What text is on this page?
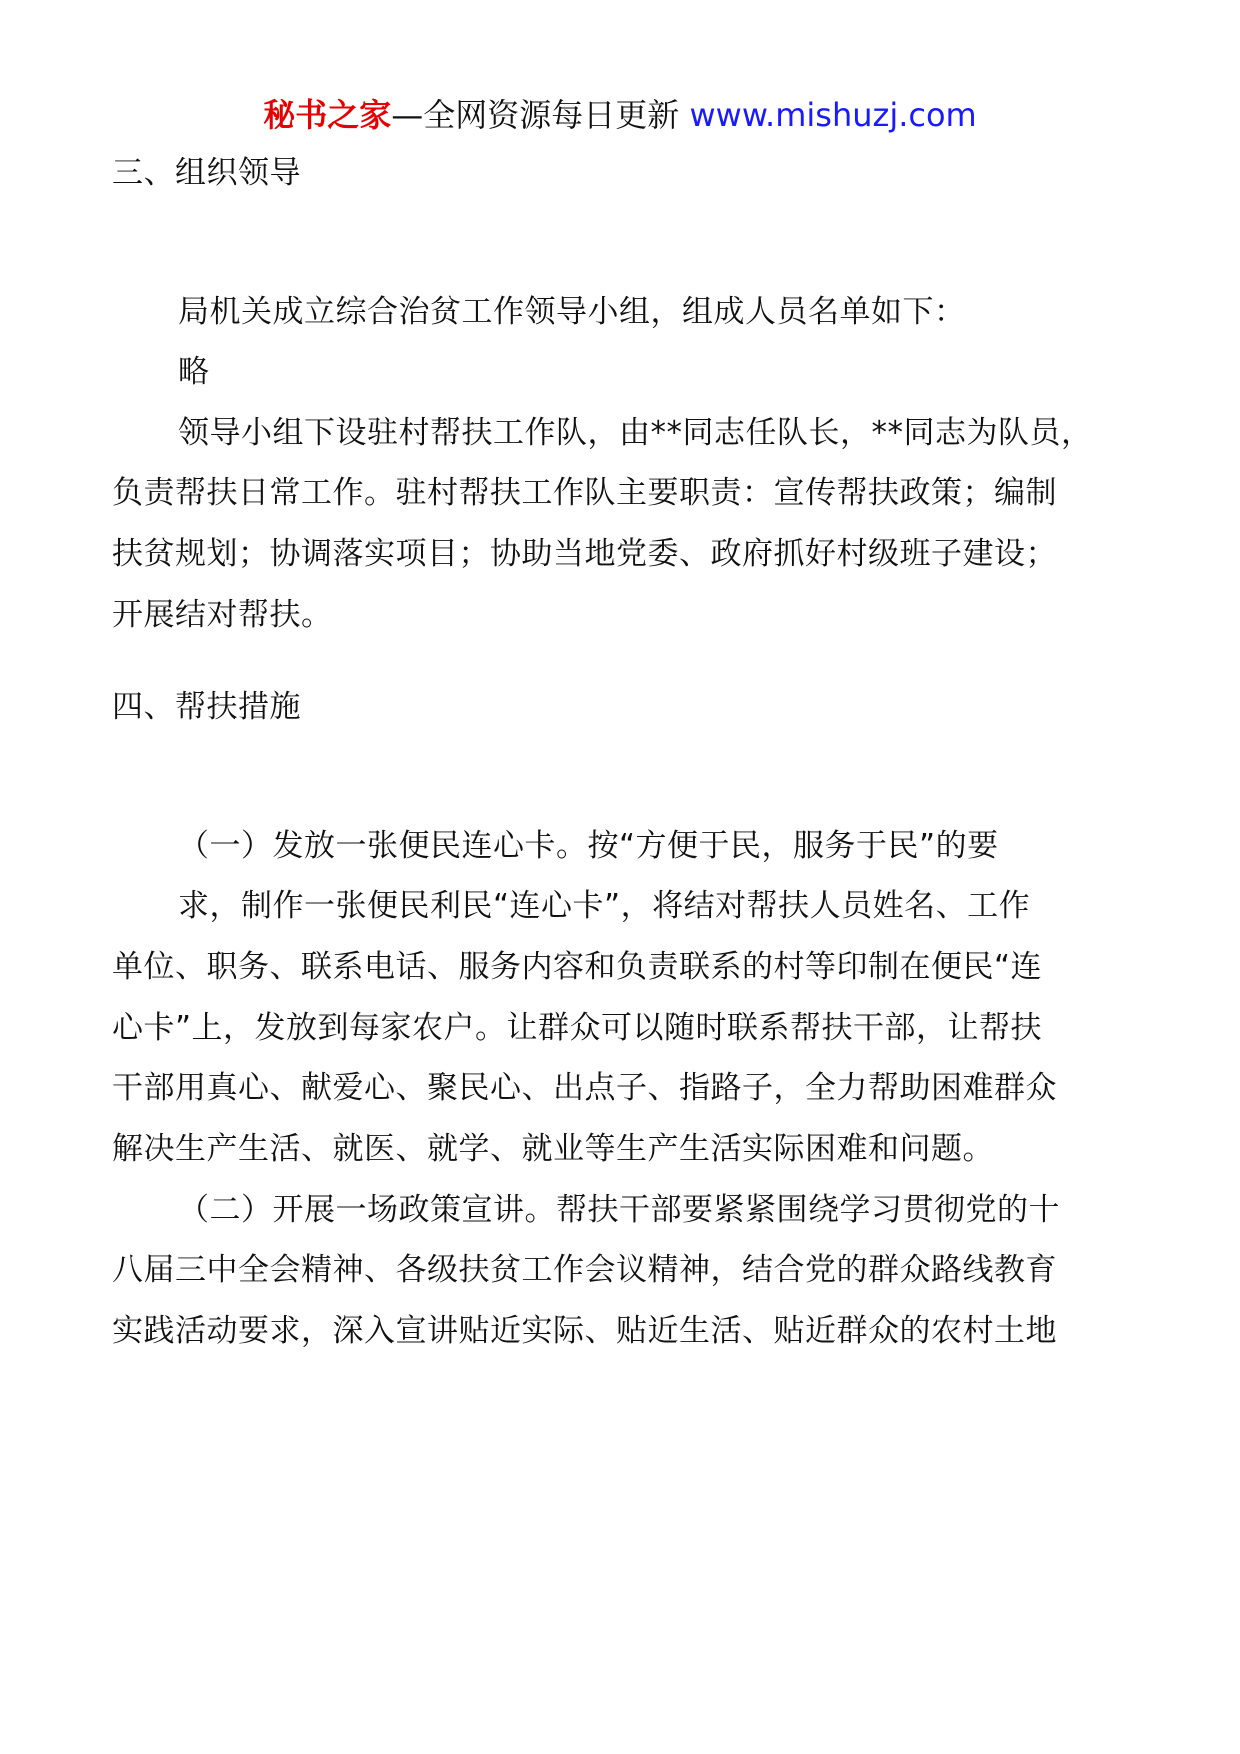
秘书之家—全网资源每日更新 www.mishuzj.com
三、组织领导
局机关成立综合治贫工作领导小组，组成人员名单如下：
略
领导小组下设驻村帮扶工作队，由**同志任队长，**同志为队员，
负责帮扶日常工作。驻村帮扶工作队主要职责：宣传帮扶政策；编制
扶贫规划；协调落实项目；协助当地党委、政府抓好村级班子建设；
开展结对帮扶。
四、帮扶措施
（一）发放一张便民连心卡。按“方便于民，服务于民”的要
求，制作一张便民利民“连心卡”，将结对帮扶人员姓名、工作
单位、职务、联系电话、服务内容和负责联系的村等印制在便民“连
心卡”上，发放到每家农户。让群众可以随时联系帮扶干部，让帮扶
干部用真心、献爱心、聚民心、出点子、指路子，全力帮助困难群众
解决生产生活、就医、就学、就业等生产生活实际困难和问题。
（二）开展一场政策宣讲。帮扶干部要紧紧围绕学习贯彻党的十
八届三中全会精神、各级扶贫工作会议精神，结合党的群众路线教育
实践活动要求，深入宣讲贴近实际、贴近生活、贴近群众的农村土地
